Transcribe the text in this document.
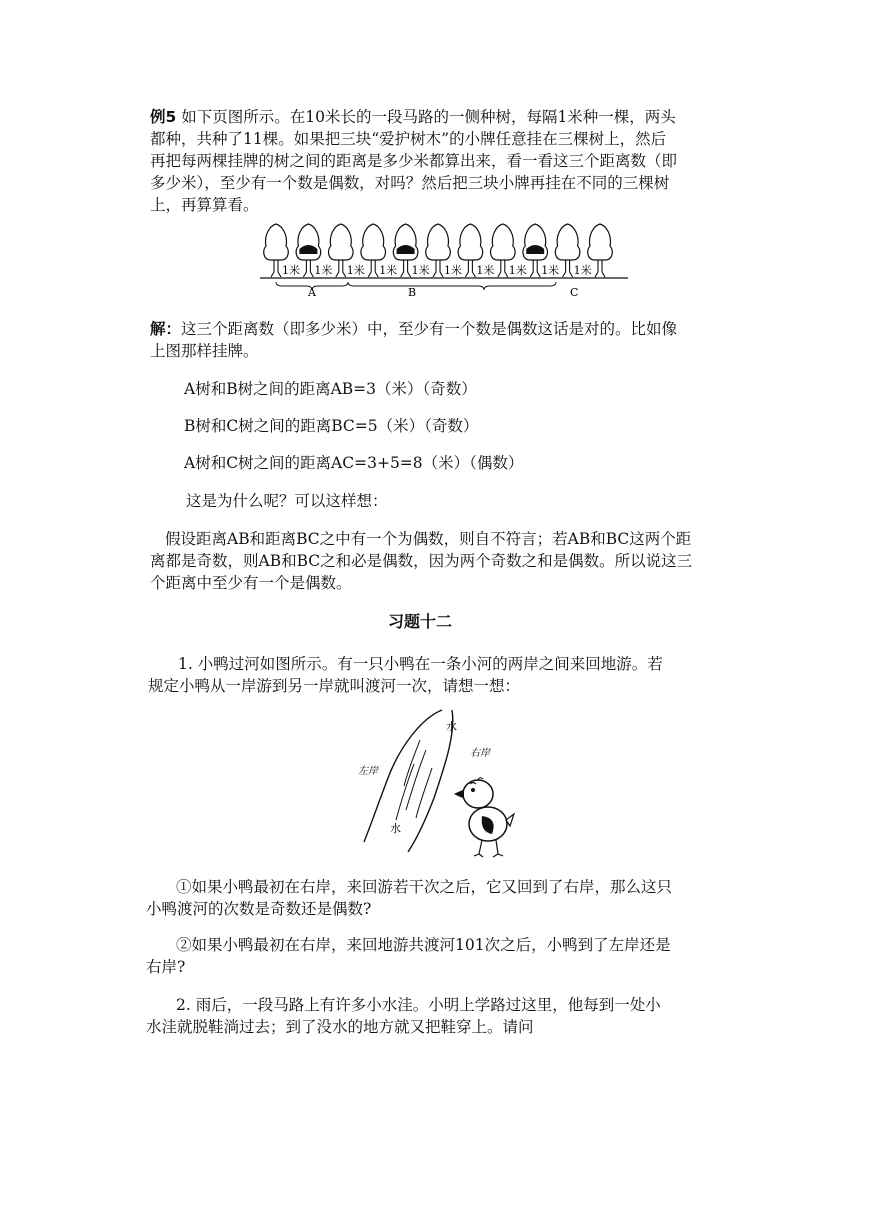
例5 如下页图所示。在10米长的一段马路的一侧种树，每隔1米种一棵，两头
都种，共种了11棵。如果把三块“爱护树木”的小牌任意挂在三棵树上，然后
再把每两棵挂牌的树之间的距离是多少米都算出来，看一看这三个距离数（即
多少米），至少有一个数是偶数，对吗？然后把三块小牌再挂在不同的三棵树
上，再算算看。
1米 1米 1米 1米 1米 1米 1米 1米 1米 1米
A	B	C
解：这三个距离数（即多少米）中，至少有一个数是偶数这话是对的。比如像
上图那样挂牌。
A树和B树之间的距离AB=3（米）（奇数）
B树和C树之间的距离BC=5（米）（奇数）
A树和C树之间的距离AC=3+5=8（米）（偶数）
这是为什么呢？可以这样想：
假设距离AB和距离BC之中有一个为偶数，则自不符言；若AB和BC这两个距
离都是奇数，则AB和BC之和必是偶数，因为两个奇数之和是偶数。所以说这三
个距离中至少有一个是偶数。
习题十二
1. 小鸭过河如图所示。有一只小鸭在一条小河的两岸之间来回地游。若
规定小鸭从一岸游到另一岸就叫渡河一次，请想一想：
水
水
左岸
右岸
①如果小鸭最初在右岸，来回游若干次之后，它又回到了右岸，那么这只
小鸭渡河的次数是奇数还是偶数?
②如果小鸭最初在右岸，来回地游共渡河101次之后，小鸭到了左岸还是
右岸?
2. 雨后，一段马路上有许多小水洼。小明上学路过这里，他每到一处小
水洼就脱鞋淌过去；到了没水的地方就又把鞋穿上。请问
